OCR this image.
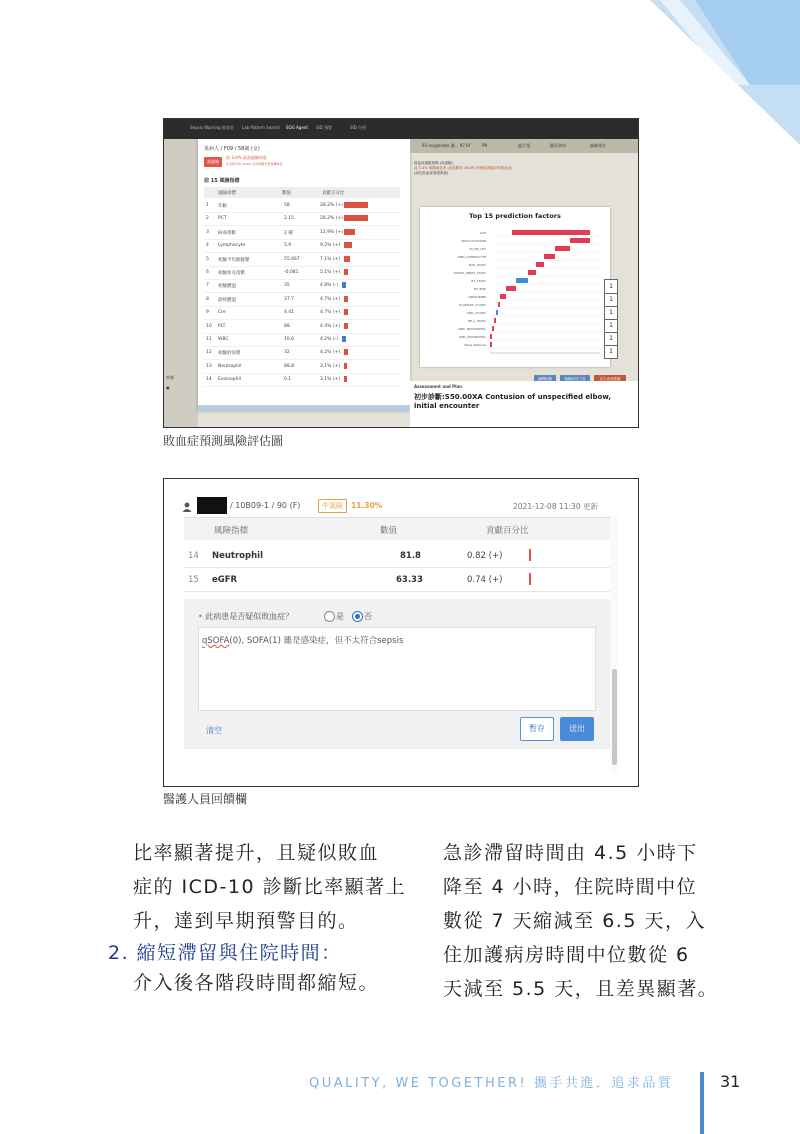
Sepsis Warning 敗血症 Lab Pattern Search SOG Agent SID 預警	SID 分析
病歷
▣
某病人 / F09 / 58歲 (女)
高風險
前 3-4% 最高風險病患
比全院平均 16.8% 的早期警告患者機率高
前 15 風險指標
風險指標	數值	貢獻百分比
1 年齡	58	28.2% (+)
2 PCT	2.15	28.2% (+)
3 病毒感數	2 種	12.9% (+)
4 Lymphocyte	5.9	9.2% (+)
5 初驗平均動脈壓	55.667	7.1% (+)
6 初驗休克指數	-0.081	5.1% (+)
7 初驗體溫	35	4.8% (-)
8 最終體溫	37.7	4.7% (+)
9 Cre	4.41	4.7% (+)
10 PLT	88	4.4% (+)
11 WBC	10.6	4.2% (-)
12 初驗舒張壓	32	4.2% (+)
13 Neutrophil	88.8	3.1% (+)
14 Eosinophil	0.1	3.1% (+)
93 oxygenate 護... 97.6f	PN	處方箋	藥品資料	檢驗報告
敗血症風險預測 (高風險)
前 3-4% 風險病患者 (此區間有 16.8% 的病患被確診有敗血症)
(前往敗血症預測系統)
Top 15 prediction factors
AGE
PROCALCITONIN
IN_TRI_LEV
WBC_LYMPHOCYTE
MAP_START
SHOCK_INDEX_START
BT_START
BT_END
CREATININE
PLATELET_COUNT
WBC_COUNT
BP_L_START
WBC_NEUTROPHIL
WBC_EOSINOPHIL
Other features
1
1
1
1
1
1
調閱紀錄	檢驗評估工具	自主表達建議
Assessment and Plan
初步診斷:S50.00XA Contusion of unspecified elbow, initial encounter
敗血症預測風險評估圖
/ 10B09-1 / 90 (F)	中風險	11.30%	2021-12-08 11:30 更新
風險指標	數值	貢獻百分比
14 Neutrophil	81.8	0.82 (+)
15 eGFR	63.33	0.74 (+)
• 此病患是否疑似敗血症？	是	否
qSOFA(0), SOFA(1) 雖是感染症，但不太符合sepsis
清空	暫存	送出
醫護人員回饋欄
比率顯著提升，且疑似敗血
症的 ICD-10 診斷比率顯著上
升，達到早期預警目的。
2. 縮短滯留與住院時間：
介入後各階段時間都縮短。
急診滯留時間由 4.5 小時下
降至 4 小時，住院時間中位
數從 7 天縮減至 6.5 天，入
住加護病房時間中位數從 6
天減至 5.5 天，且差異顯著。
QUALITY, WE TOGETHER! 攜手共進．追求品質	31
